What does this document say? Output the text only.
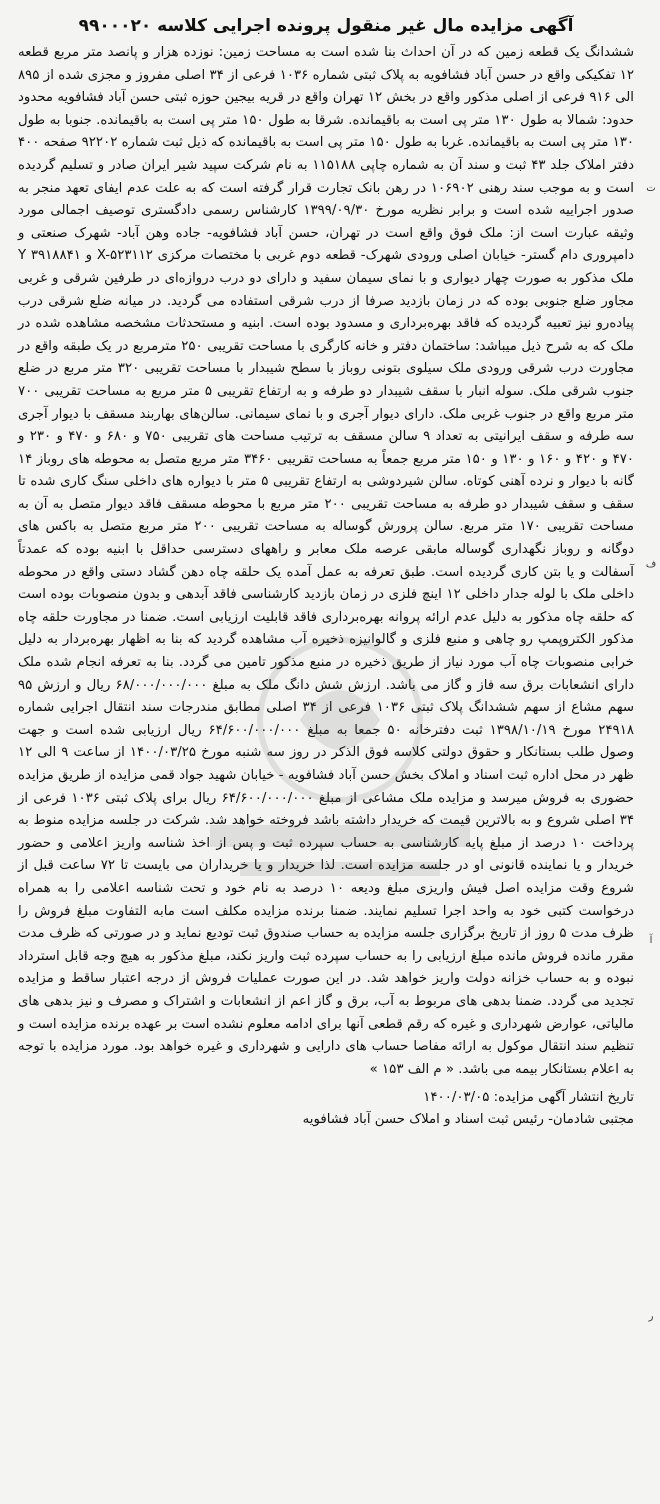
ت
ف
آ
ر
آگهی مزایده مال غیر منقول پرونده اجرایی کلاسه ۹۹۰۰۰۲۰

ششدانگ یک قطعه زمین که در آن احداث بنا شده است به مساحت زمین: نوزده هزار و پانصد متر مربع قطعه ۱۲ تفکیکی واقع در حسن آباد فشافویه به پلاک ثبتی شماره ۱۰۳۶ فرعی از ۳۴ اصلی مفروز و مجزی شده از ۸۹۵ الی ۹۱۶ فرعی از اصلی مذکور واقع در بخش ۱۲ تهران واقع در قریه بیجین حوزه ثبتی حسن آباد فشافویه محدود حدود: شمالا به طول ۱۳۰ متر پی است به باقیمانده. شرقا به طول ۱۵۰ متر پی است به باقیمانده. جنوبا به طول ۱۳۰ متر پی است به باقیمانده. غربا به طول ۱۵۰ متر پی است به باقیمانده که ذیل ثبت شماره ۹۲۲۰۲ صفحه ۴۰۰ دفتر املاک جلد ۴۳ ثبت و سند آن به شماره چاپی ۱۱۵۱۸۸ به نام شرکت سپید شیر ایران صادر و تسلیم گردیده است و به موجب سند رهنی ۱۰۶۹۰۲ در رهن بانک تجارت قرار گرفته است که به علت عدم ایفای تعهد منجر به صدور اجراییه شده است و برابر نظریه مورخ ۱۳۹۹/۰۹/۳۰ کارشناس رسمی دادگستری توصیف اجمالی مورد وثیقه عبارت است از: ملک فوق واقع است در تهران، حسن آباد فشافویه- جاده وهن آباد- شهرک صنعتی و دامپروری دام گستر- خیابان اصلی ورودی شهرک- قطعه دوم غربی با مختصات مرکزی X-۵۲۳۱۱۲ و Y ۳۹۱۸۸۴۱ ملک مذکور به صورت چهار دیواری و با نمای سیمان سفید و دارای دو درب دروازه‌ای در طرفین شرقی و غربی مجاور ضلع جنوبی بوده که در زمان بازدید صرفا از درب شرقی استفاده می گردید. در میانه ضلع شرقی درب پیاده‌رو نیز تعبیه گردیده که فاقد بهره‌برداری و مسدود بوده است. ابنیه و مستحدثات مشخصه مشاهده شده در ملک که به شرح ذیل میباشد: ساختمان دفتر و خانه کارگری با مساحت تقریبی ۲۵۰ مترمربع در یک طبقه واقع در مجاورت درب شرقی ورودی ملک سیلوی بتونی روباز با سطح شیبدار با مساحت تقریبی ۳۲۰ متر مربع در ضلع جنوب شرقی ملک. سوله انبار با سقف شیبدار دو طرفه و به ارتفاع تقریبی ۵ متر مربع به مساحت تقریبی ۷۰۰ متر مربع واقع در جنوب غربی ملک. دارای دیوار آجری و با نمای سیمانی. سالن‌های بهاربند مسقف با دیوار آجری سه طرفه و سقف ایرانیتی به تعداد ۹ سالن مسقف به ترتیب مساحت های تقریبی ۷۵۰ و ۶۸۰ و ۴۷۰ و ۲۳۰ و ۴۷۰ و ۴۲۰ و ۱۶۰ و ۱۳۰ و ۱۵۰ متر مربع جمعاً به مساحت تقریبی ۳۴۶۰ متر مربع متصل به محوطه های روباز ۱۴ گانه با دیوار و نرده آهنی کوتاه. سالن شیردوشی به ارتفاع تقریبی ۵ متر با دیواره های داخلی سنگ کاری شده تا سقف و سقف شیبدار دو طرفه به مساحت تقریبی ۲۰۰ متر مربع با محوطه مسقف فاقد دیوار متصل به آن به مساحت تقریبی ۱۷۰ متر مربع. سالن پرورش گوساله به مساحت تقریبی ۲۰۰ متر مربع متصل به باکس های دوگانه و روباز نگهداری گوساله مابقی عرصه ملک معابر و راههای دسترسی حداقل با ابنیه بوده که عمدتاً آسفالت و یا بتن کاری گردیده است. طبق تعرفه به عمل آمده یک حلقه چاه دهن گشاد دستی واقع در محوطه داخلی ملک با لوله جدار داخلی ۱۲ اینچ فلزی در زمان بازدید کارشناسی فاقد آبدهی و بدون منصوبات بوده است که حلقه چاه مذکور به دلیل عدم ارائه پروانه بهره‌برداری فاقد قابلیت ارزیابی است. ضمنا در مجاورت حلقه چاه مذکور الکتروپمپ رو چاهی و منبع فلزی و گالوانیزه ذخیره آب مشاهده گردید که بنا به اظهار بهره‌بردار به دلیل خرابی منصوبات چاه آب مورد نیاز از طریق ذخیره در منبع مذکور تامین می گردد. بنا به تعرفه انجام شده ملک دارای انشعابات برق سه فاز و گاز می باشد. ارزش شش دانگ ملک به مبلغ ۶۸/۰۰۰/۰۰۰/۰۰۰ ریال و ارزش ۹۵ سهم مشاع از سهم ششدانگ پلاک ثبتی ۱۰۳۶ فرعی از ۳۴ اصلی مطابق مندرجات سند انتقال اجرایی شماره ۲۴۹۱۸ مورخ ۱۳۹۸/۱۰/۱۹ ثبت دفترخانه ۵۰ جمعا به مبلغ ۶۴/۶۰۰/۰۰۰/۰۰۰ ریال ارزیابی شده است و جهت وصول طلب بستانکار و حقوق دولتی کلاسه فوق الذکر در روز سه شنبه مورخ ۱۴۰۰/۰۳/۲۵ از ساعت ۹ الی ۱۲ ظهر در محل اداره ثبت اسناد و املاک بخش حسن آباد فشافویه - خیابان شهید جواد قمی مزایده از طریق مزایده حضوری به فروش میرسد و مزایده ملک مشاعی از مبلغ ۶۴/۶۰۰/۰۰۰/۰۰۰ ریال برای پلاک ثبتی ۱۰۳۶ فرعی از ۳۴ اصلی شروع و به بالاترین قیمت که خریدار داشته باشد فروخته خواهد شد. شرکت در جلسه مزایده منوط به پرداخت ۱۰ درصد از مبلغ پایه کارشناسی به حساب سپرده ثبت و پس از اخذ شناسه واریز اعلامی و حضور خریدار و یا نماینده قانونی او در جلسه مزایده است. لذا خریدار و یا خریداران می بایست تا ۷۲ ساعت قبل از شروع وقت مزایده اصل فیش واریزی مبلغ ودیعه ۱۰ درصد به نام خود و تحت شناسه اعلامی را به همراه درخواست کتبی خود به واحد اجرا تسلیم نمایند. ضمنا برنده مزایده مکلف است مابه التفاوت مبلغ فروش را ظرف مدت ۵ روز از تاریخ برگزاری جلسه مزایده به حساب صندوق ثبت تودیع نماید و در صورتی که ظرف مدت مقرر مانده فروش مانده مبلغ ارزیابی را به حساب سپرده ثبت واریز نکند، مبلغ مذکور به هیچ وجه قابل استرداد نبوده و به حساب خزانه دولت واریز خواهد شد. در این صورت عملیات فروش از درجه اعتبار ساقط و مزایده تجدید می گردد. ضمنا بدهی های مربوط به آب، برق و گاز اعم از انشعابات و اشتراک و مصرف و نیز بدهی های مالیاتی، عوارض شهرداری و غیره که رقم قطعی آنها برای ادامه معلوم نشده است بر عهده برنده مزایده است و تنظیم سند انتقال موکول به ارائه مفاصا حساب های دارایی و شهرداری و غیره خواهد بود. مورد مزایده با توجه به اعلام بستانکار بیمه می باشد. « م الف ۱۵۳ »

تاریخ انتشار آگهی مزایده: ۱۴۰۰/۰۳/۰۵
مجتبی شادمان- رئیس ثبت اسناد و املاک حسن آباد فشافویه
